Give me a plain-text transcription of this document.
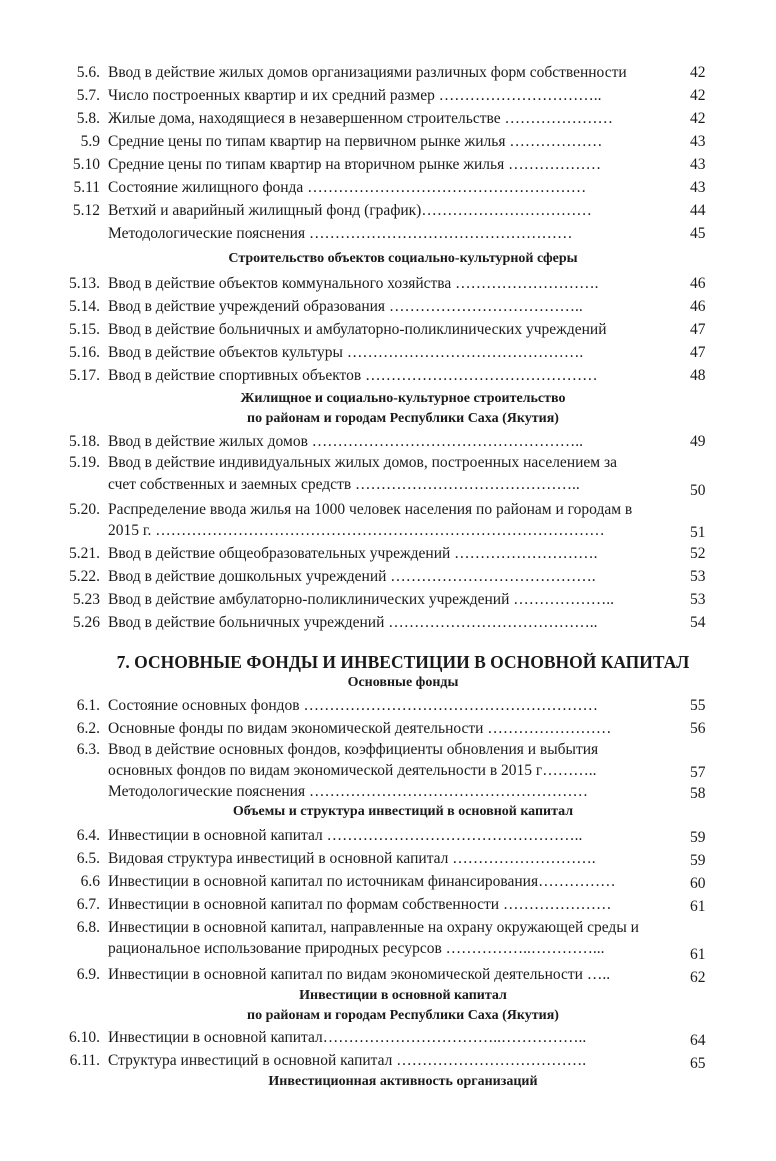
5.6. Ввод в действие жилых домов организациями различных форм собственности	42
5.7. Число построенных квартир и их средний размер …………………………..	42
5.8. Жилые дома, находящиеся в незавершенном строительстве …………………	42
5.9 Средние цены по типам квартир на первичном рынке жилья ………………	43
5.10 Средние цены по типам квартир на вторичном рынке жилья ………………	43
5.11 Состояние жилищного фонда ………………………………………………	43
5.12 Ветхий и аварийный жилищный фонд (график)……………………………	44
Методологические пояснения ……………………………………………	45
Строительство объектов социально-культурной сферы
5.13. Ввод в действие объектов коммунального хозяйства ……………………….	46
5.14. Ввод в действие учреждений образования ………………………………..	46
5.15. Ввод в действие больничных и амбулаторно-поликлинических учреждений	47
5.16. Ввод в действие объектов культуры ……………………………………….	47
5.17. Ввод в действие спортивных объектов ………………………………………	48
Жилищное и социально-культурное строительство
по районам и городам Республики Саха (Якутия)
5.18. Ввод в действие жилых домов ……………………………………………..	49
5.19. Ввод в действие индивидуальных жилых домов, построенных населением за
счет собственных и заемных средств ……………………………………..	50
5.20. Распределение ввода жилья на 1000 человек населения по районам и городам в
2015 г. ……………………………………………………………………………	51
5.21. Ввод в действие общеобразовательных учреждений ……………………….	52
5.22. Ввод в действие дошкольных учреждений ………………………………….	53
5.23 Ввод в действие амбулаторно-поликлинических учреждений ………………..	53
5.26 Ввод в действие больничных учреждений …………………………………..	54
7. ОСНОВНЫЕ ФОНДЫ И ИНВЕСТИЦИИ В ОСНОВНОЙ КАПИТАЛ
Основные фонды
6.1. Состояние основных фондов …………………………………………………	55
6.2. Основные фонды по видам экономической деятельности ……………………	56
6.3. Ввод в действие основных фондов, коэффициенты обновления и выбытия
основных фондов по видам экономической деятельности в 2015 г………..	57
Методологические пояснения ………………………………………………	58
Объемы и структура инвестиций в основной капитал
6.4. Инвестиции в основной капитал …………………………………………..	59
6.5. Видовая структура инвестиций в основной капитал ……………………….	59
6.6 Инвестиции в основной капитал по источникам финансирования……………	60
6.7. Инвестиции в основной капитал по формам собственности …………………	61
6.8. Инвестиции в основной капитал, направленные на охрану окружающей среды и
рациональное использование природных ресурсов ……………..…………...	61
6.9. Инвестиции в основной капитал по видам экономической деятельности …..	62
Инвестиции в основной капитал
по районам и городам Республики Саха (Якутия)
6.10. Инвестиции в основной капитал……………………………..……………..	64
6.11. Структура инвестиций в основной капитал ……………………………….	65
Инвестиционная активность организаций
